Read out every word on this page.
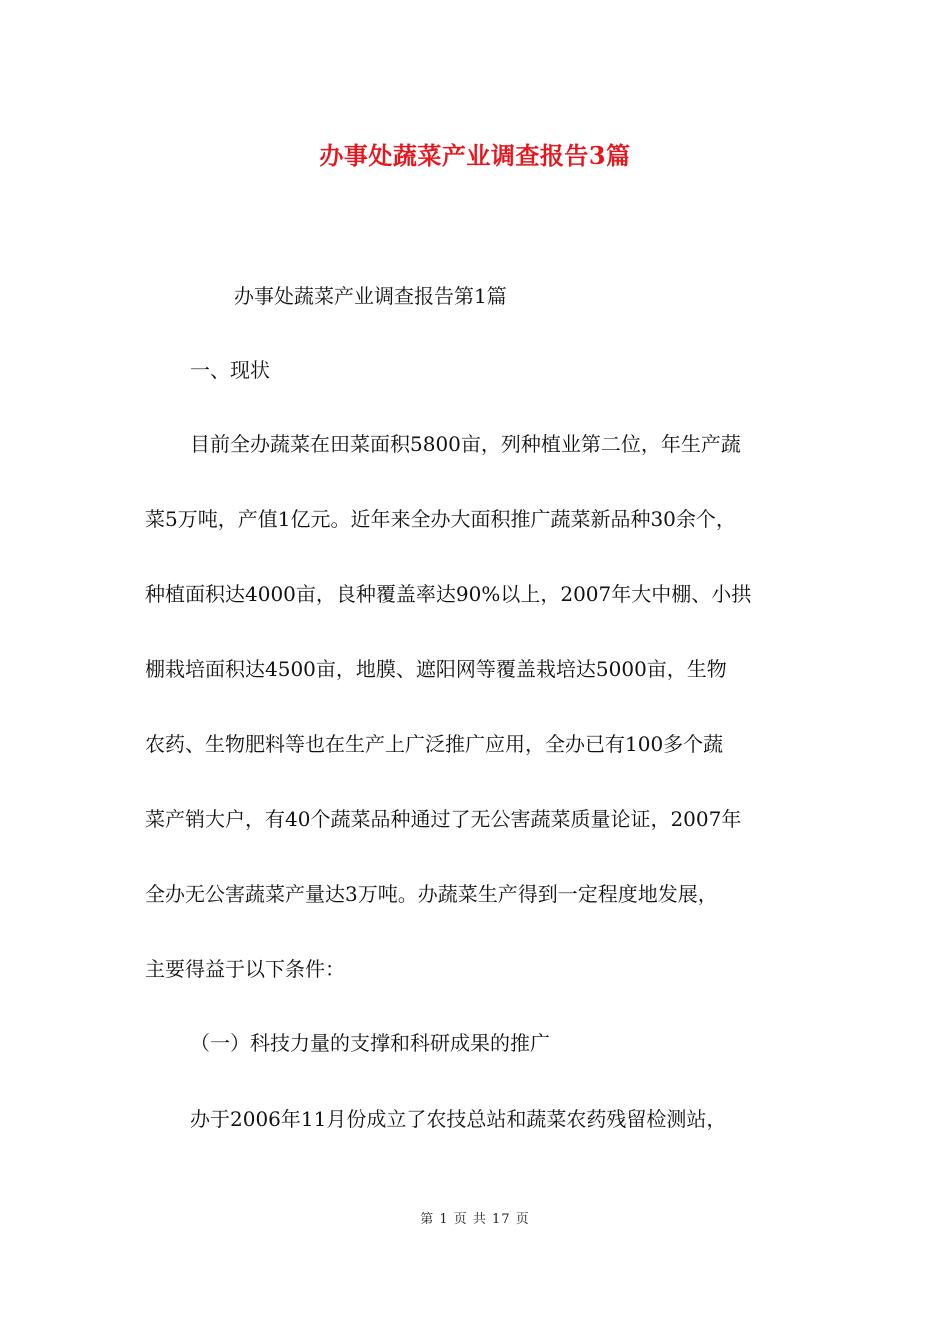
办事处蔬菜产业调查报告3篇

办事处蔬菜产业调查报告第1篇

一、现状

目前全办蔬菜在田菜面积5800亩，列种植业第二位，年生产蔬

菜5万吨，产值1亿元。近年来全办大面积推广蔬菜新品种30余个，

种植面积达4000亩，良种覆盖率达90%以上，2007年大中棚、小拱

棚栽培面积达4500亩，地膜、遮阳网等覆盖栽培达5000亩，生物

农药、生物肥料等也在生产上广泛推广应用，全办已有100多个蔬

菜产销大户，有40个蔬菜品种通过了无公害蔬菜质量论证，2007年

全办无公害蔬菜产量达3万吨。办蔬菜生产得到一定程度地发展，

主要得益于以下条件：

（一）科技力量的支撑和科研成果的推广

办于2006年11月份成立了农技总站和蔬菜农药残留检测站，

第 1 页 共 17 页
